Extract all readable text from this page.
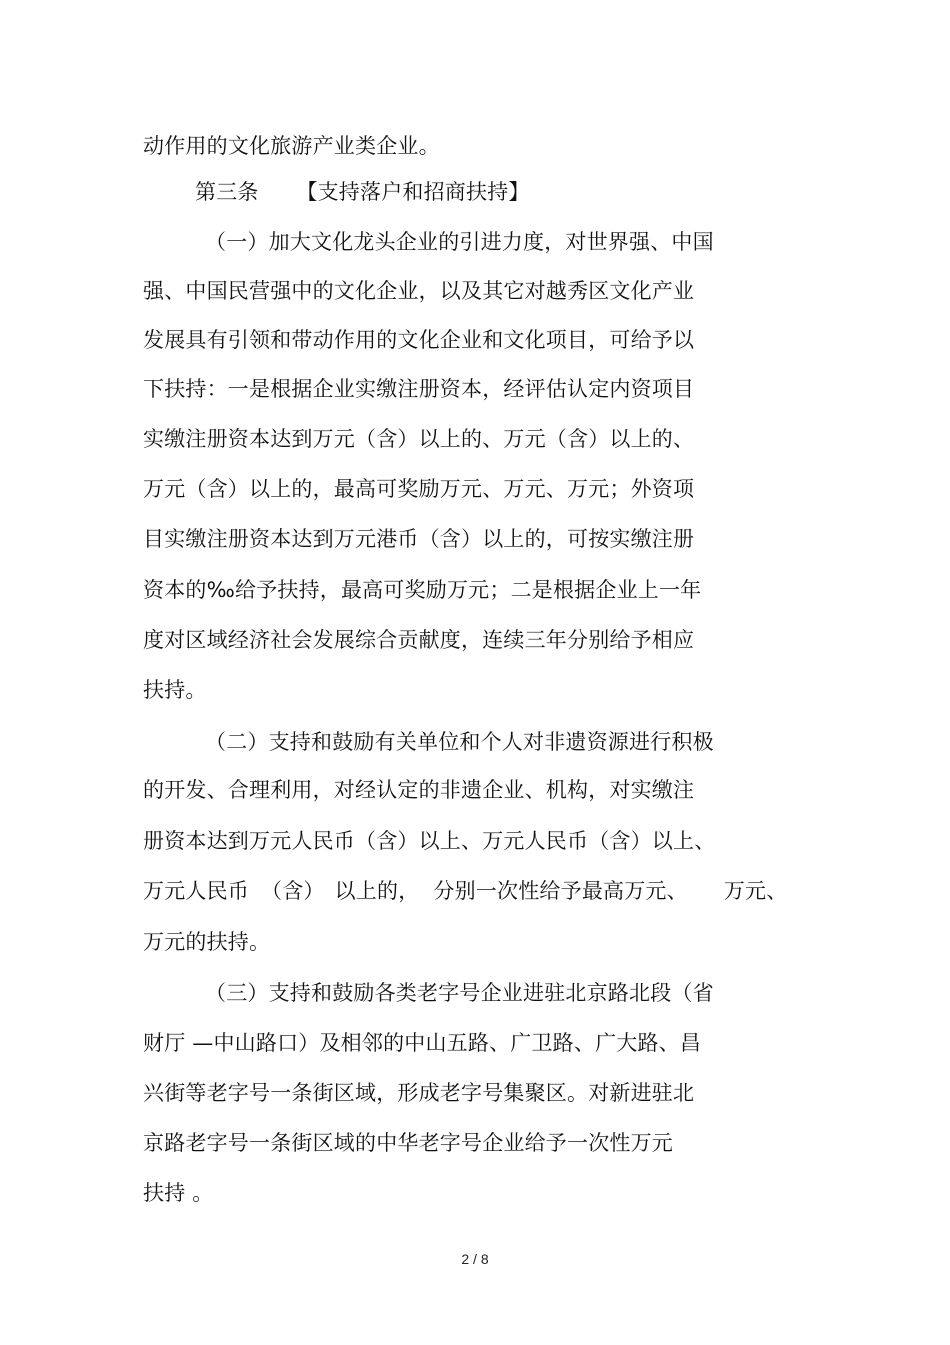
动作用的文化旅游产业类企业。
第三条 【支持落户和招商扶持】
（一）加大文化龙头企业的引进力度，对世界强、中国
强、中国民营强中的文化企业，以及其它对越秀区文化产业
发展具有引领和带动作用的文化企业和文化项目，可给予以
下扶持：一是根据企业实缴注册资本，经评估认定内资项目
实缴注册资本达到万元（含）以上的、万元（含）以上的、
万元（含）以上的，最高可奖励万元、万元、万元；外资项
目实缴注册资本达到万元港币（含）以上的，可按实缴注册
资本的‰给予扶持，最高可奖励万元；二是根据企业上一年
度对区域经济社会发展综合贡献度，连续三年分别给予相应
扶持。
（二）支持和鼓励有关单位和个人对非遗资源进行积极
的开发、合理利用，对经认定的非遗企业、机构，对实缴注
册资本达到万元人民币（含）以上、万元人民币（含）以上、
万元人民币 （含） 以上的， 分别一次性给予最高万元、 万元、
万元的扶持。
（三）支持和鼓励各类老字号企业进驻北京路北段（省
财厅 —中山路口）及相邻的中山五路、广卫路、广大路、昌
兴街等老字号一条街区域，形成老字号集聚区。对新进驻北
京路老字号一条街区域的中华老字号企业给予一次性万元
扶持 。
2 / 8
